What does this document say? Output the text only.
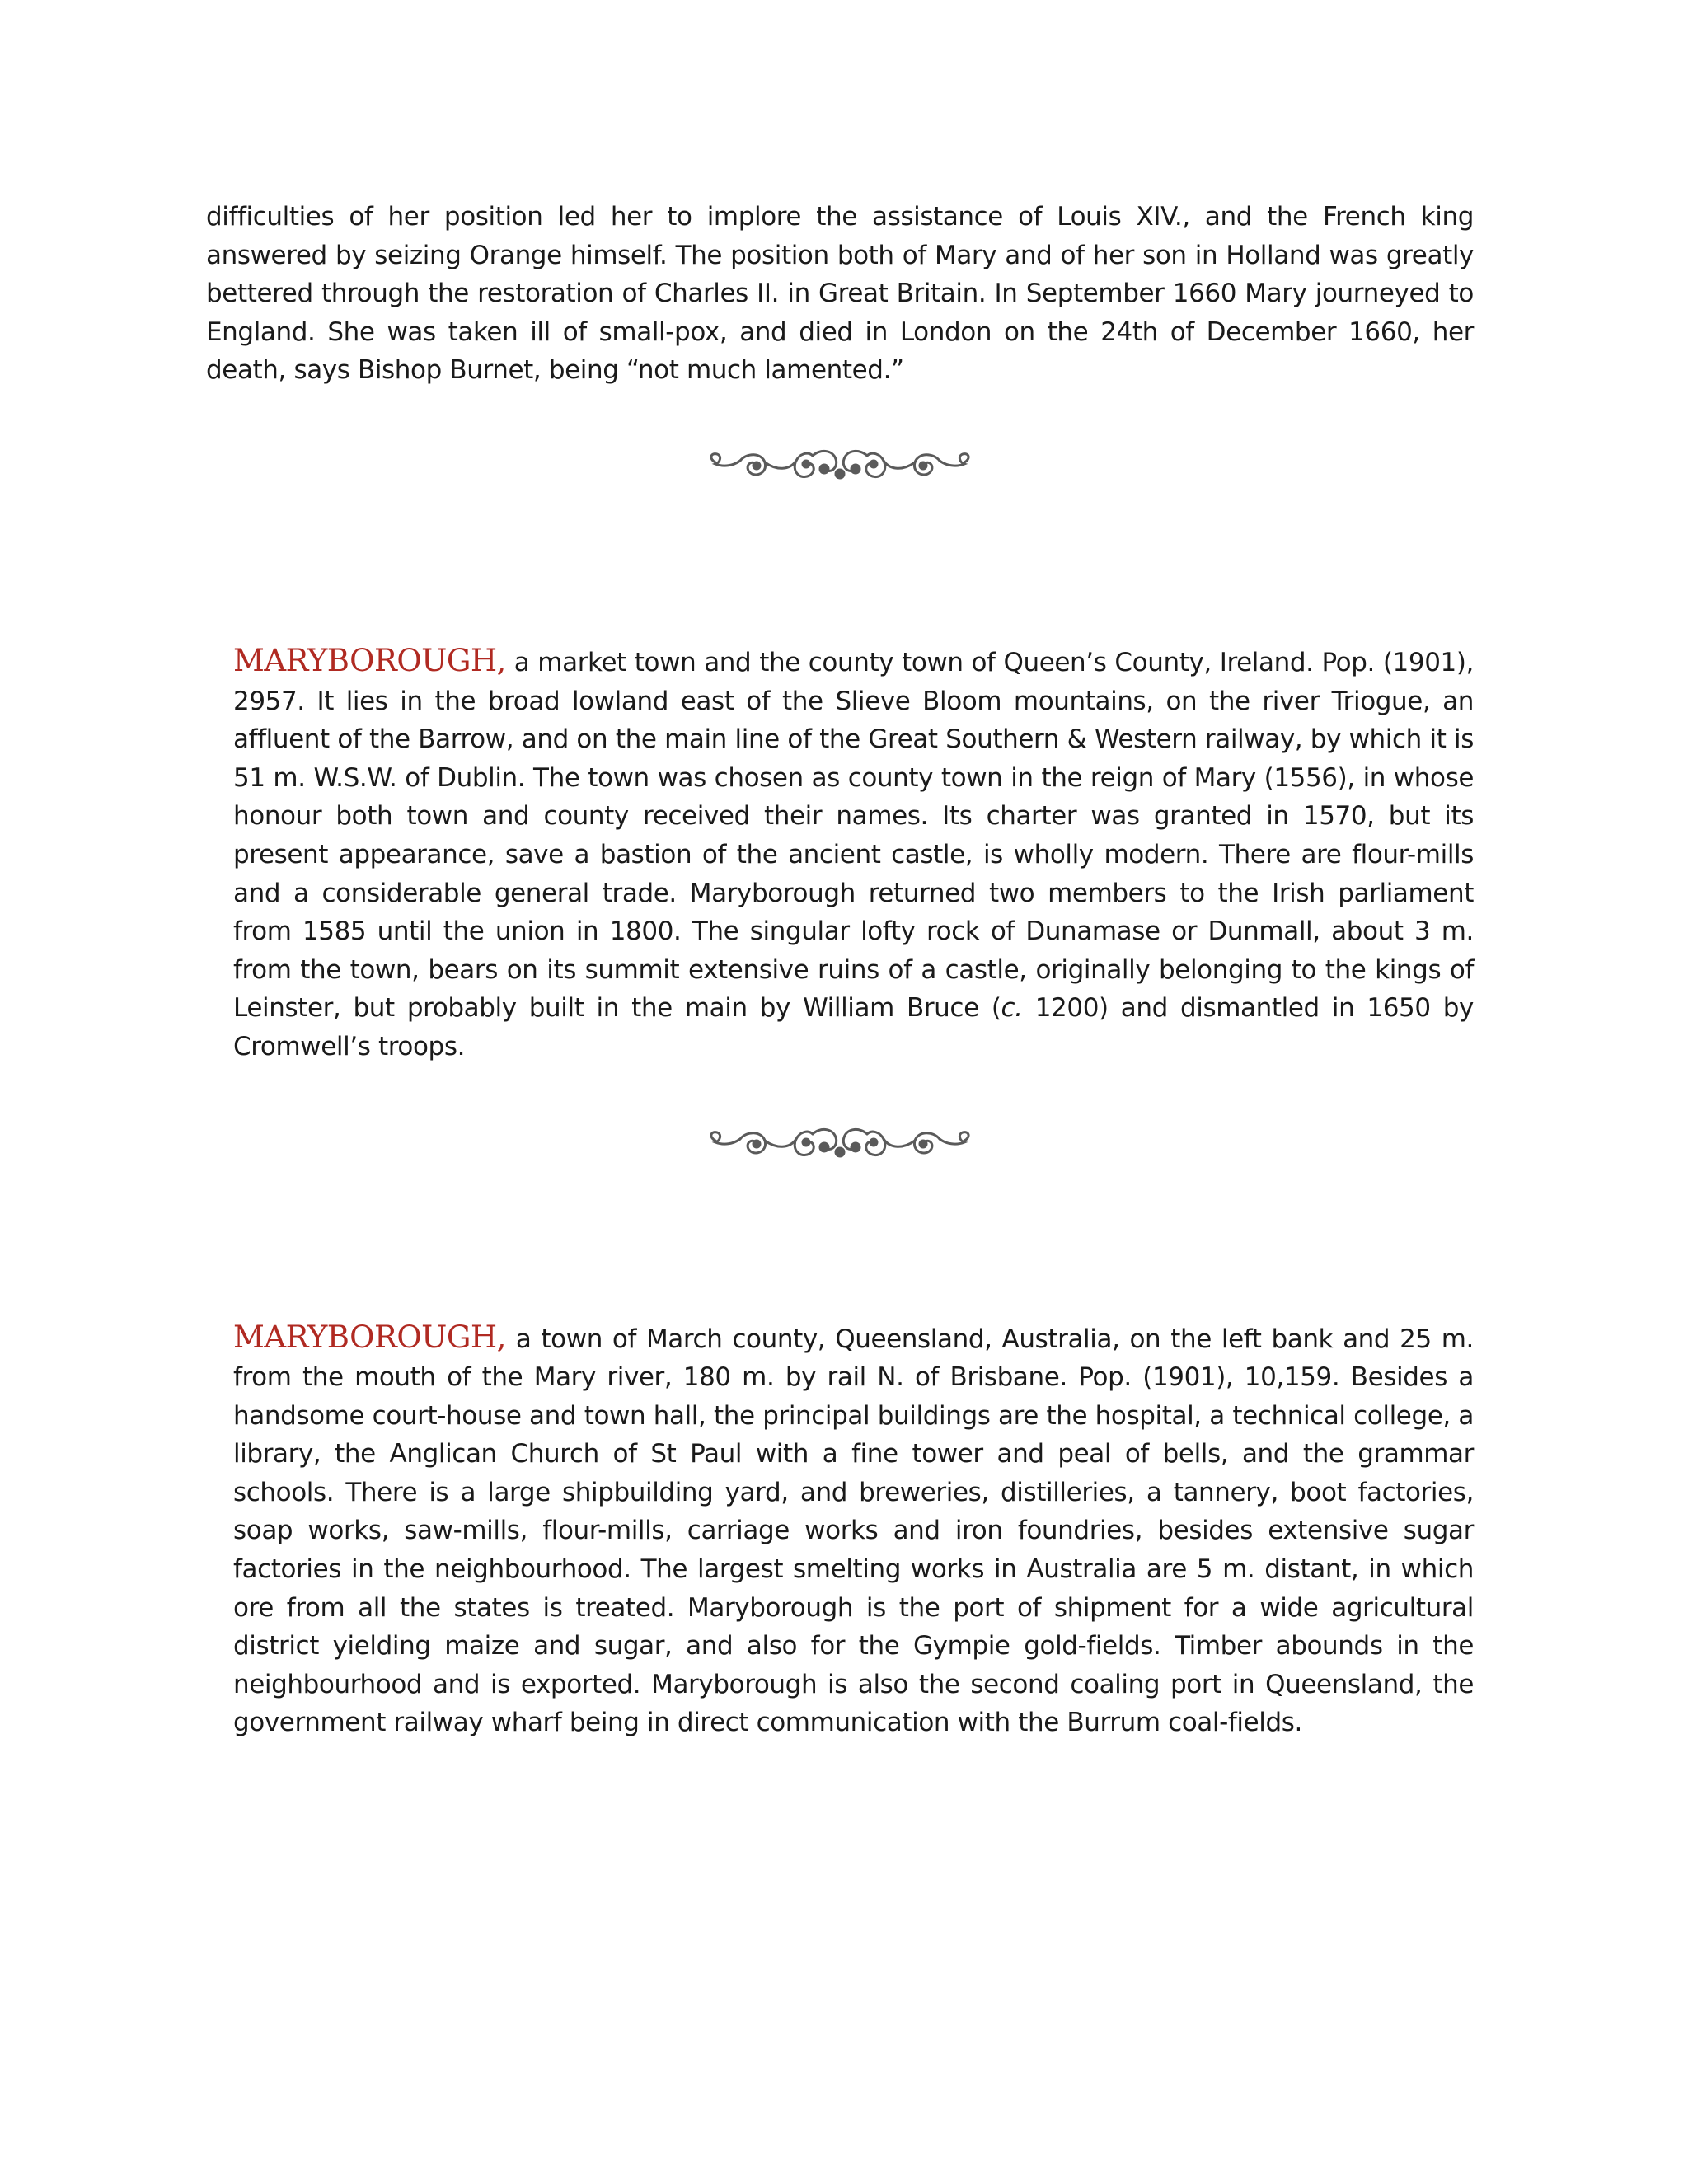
difficulties of her position led her to implore the assistance of Louis XIV., and the French king answered by seizing Orange himself. The position both of Mary and of her son in Holland was greatly bettered through the restoration of Charles II. in Great Britain. In September 1660 Mary journeyed to England. She was taken ill of small-pox, and died in London on the 24th of December 1660, her death, says Bishop Burnet, being “not much lamented.”

MARYBOROUGH, a market town and the county town of Queen’s County, Ireland. Pop. (1901), 2957. It lies in the broad lowland east of the Slieve Bloom mountains, on the river Triogue, an affluent of the Barrow, and on the main line of the Great Southern & Western railway, by which it is 51 m. W.S.W. of Dublin. The town was chosen as county town in the reign of Mary (1556), in whose honour both town and county received their names. Its charter was granted in 1570, but its present appearance, save a bastion of the ancient castle, is wholly modern. There are flour-mills and a considerable general trade. Maryborough returned two members to the Irish parliament from 1585 until the union in 1800. The singular lofty rock of Dunamase or Dunmall, about 3 m. from the town, bears on its summit extensive ruins of a castle, originally belonging to the kings of Leinster, but probably built in the main by William Bruce (c. 1200) and dismantled in 1650 by Cromwell’s troops.

MARYBOROUGH, a town of March county, Queensland, Australia, on the left bank and 25 m. from the mouth of the Mary river, 180 m. by rail N. of Brisbane. Pop. (1901), 10,159. Besides a handsome court-house and town hall, the principal buildings are the hospital, a technical college, a library, the Anglican Church of St Paul with a fine tower and peal of bells, and the grammar schools. There is a large shipbuilding yard, and breweries, distilleries, a tannery, boot factories, soap works, saw-mills, flour-mills, carriage works and iron foundries, besides extensive sugar factories in the neighbourhood. The largest smelting works in Australia are 5 m. distant, in which ore from all the states is treated. Maryborough is the port of shipment for a wide agricultural district yielding maize and sugar, and also for the Gympie gold-fields. Timber abounds in the neighbourhood and is exported. Maryborough is also the second coaling port in Queensland, the government railway wharf being in direct communication with the Burrum coal-fields.
